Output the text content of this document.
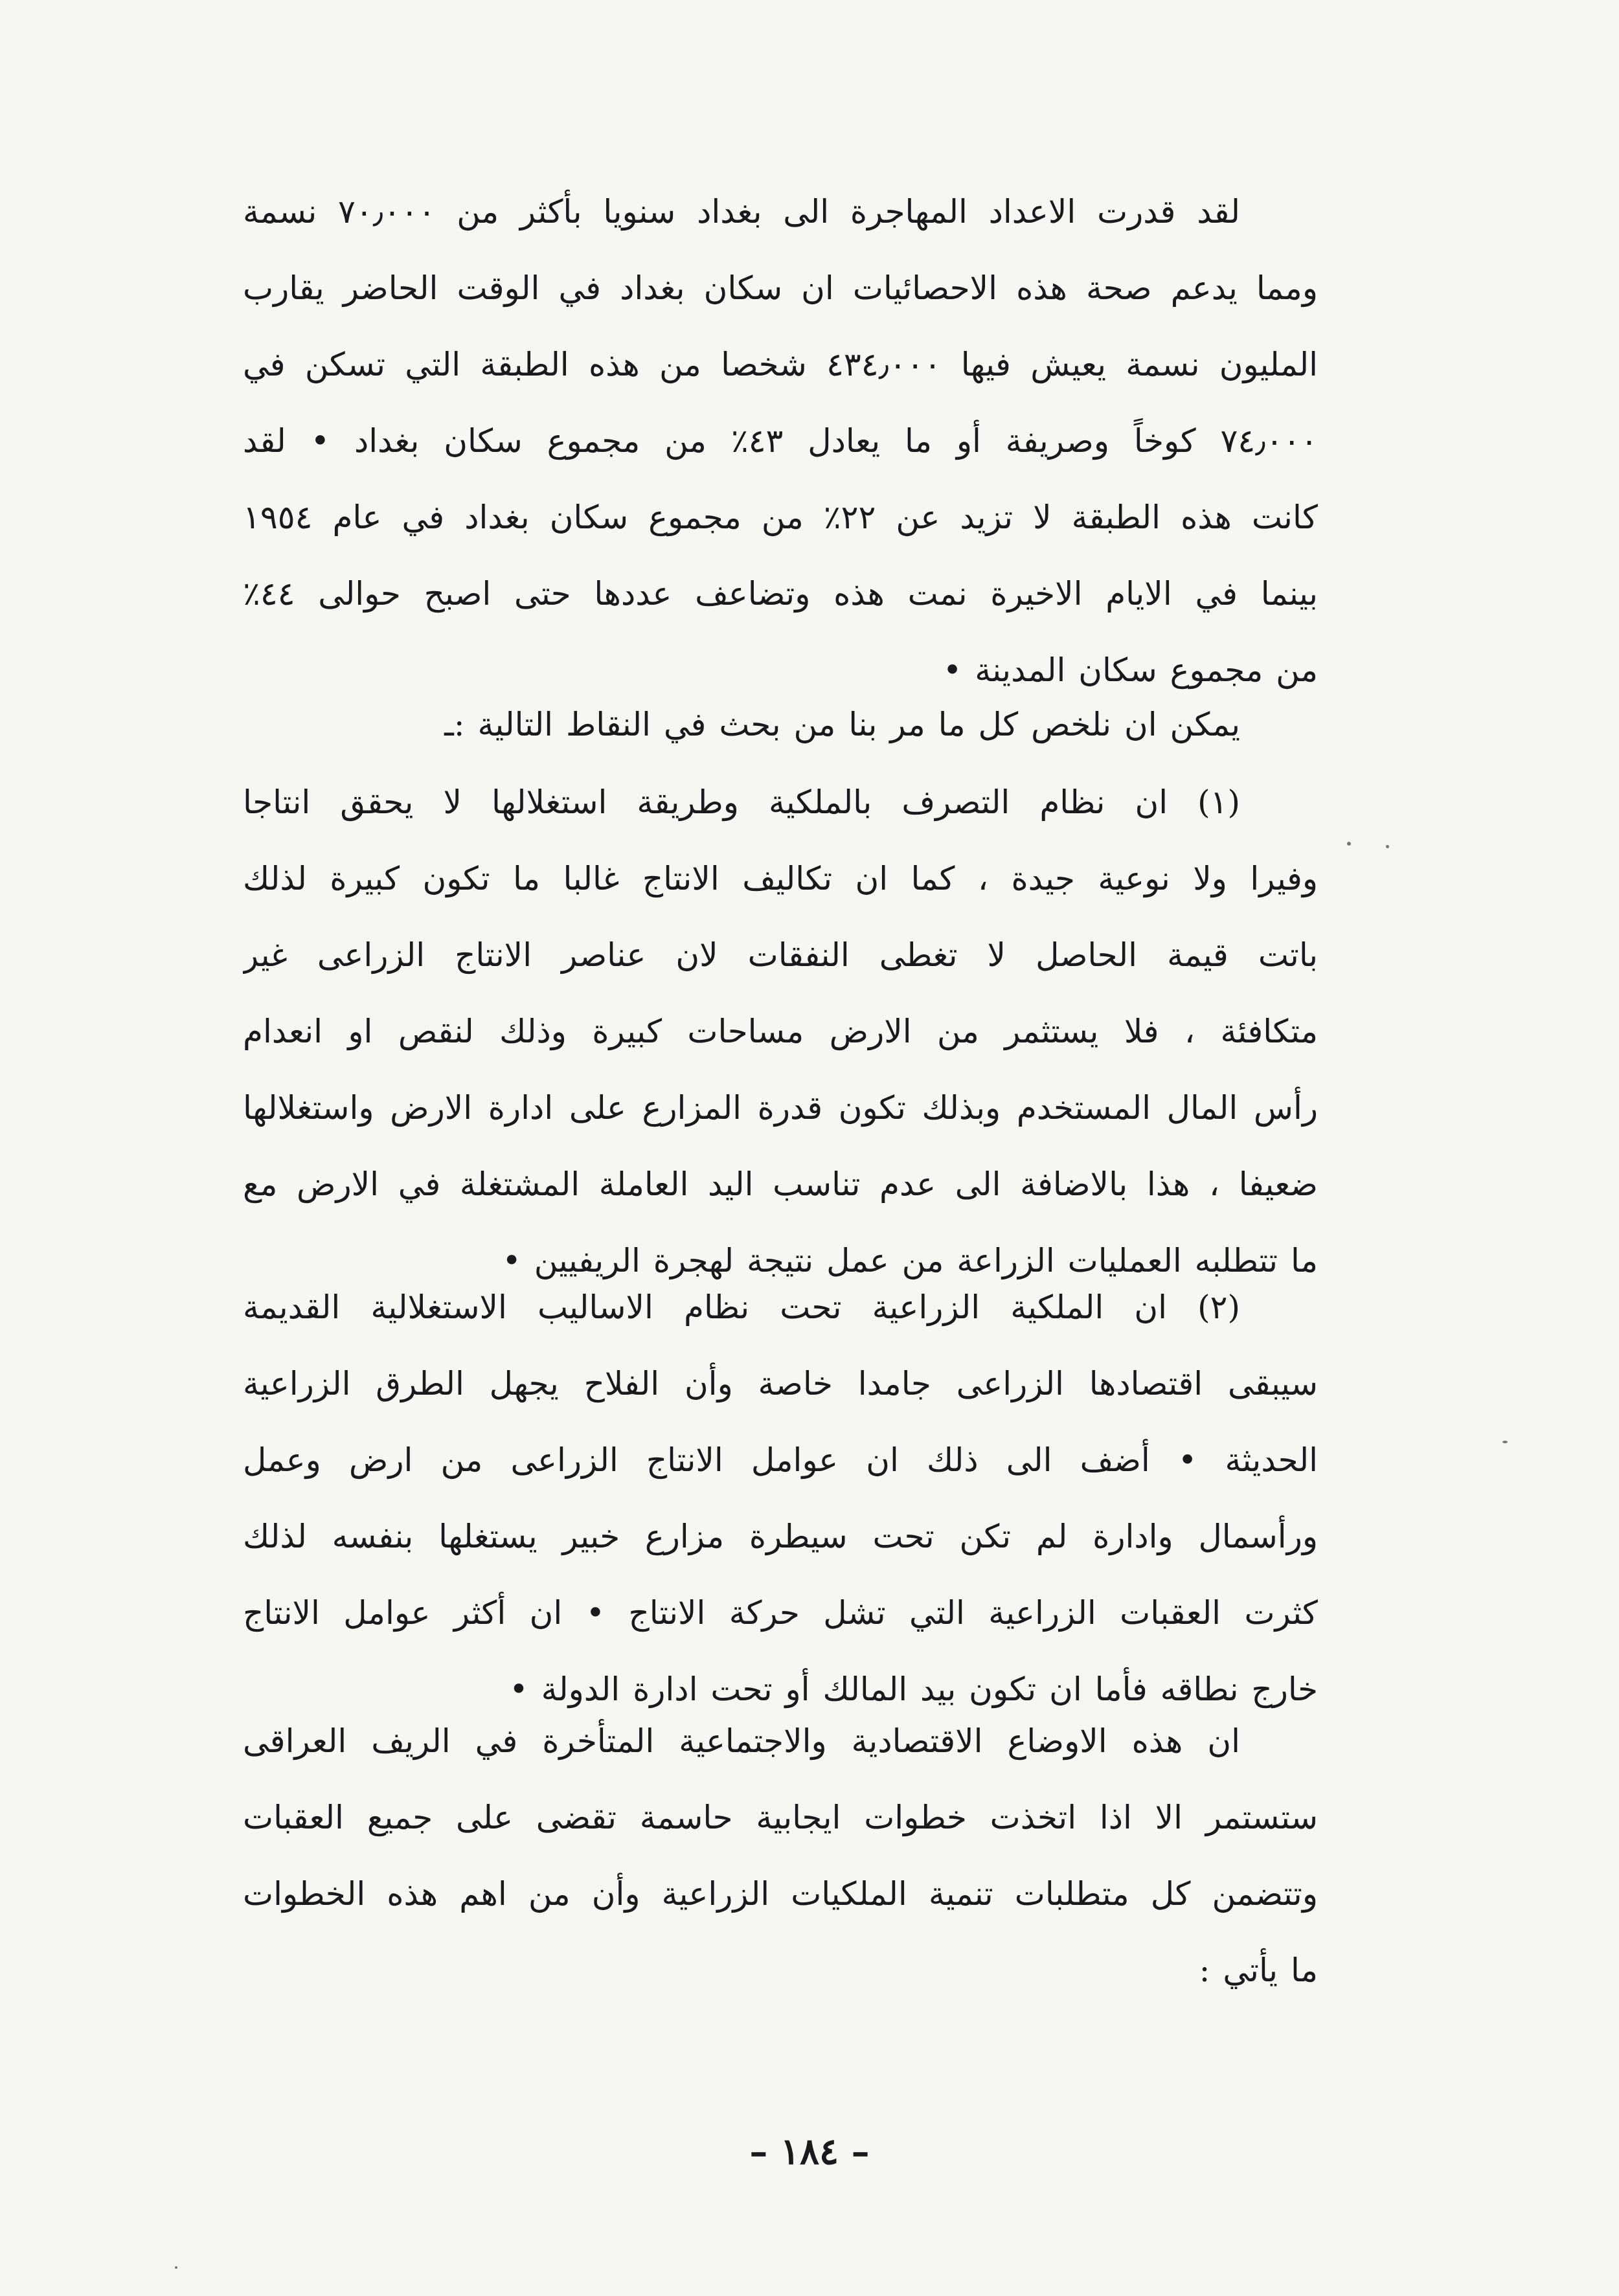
لقد قدرت الاعداد المهاجرة الى بغداد سنويا بأكثر من ٧٠٫٠٠٠ نسمة
ومما يدعم صحة هذه الاحصائيات ان سكان بغداد في الوقت الحاضر يقارب
المليون نسمة يعيش فيها ٤٣٤٫٠٠٠ شخصا من هذه الطبقة التي تسكن في
٧٤٫٠٠٠ كوخاً وصريفة أو ما يعادل ٤٣٪ من مجموع سكان بغداد • لقد
كانت هذه الطبقة لا تزيد عن ٢٢٪ من مجموع سكان بغداد في عام ١٩٥٤
بينما في الايام الاخيرة نمت هذه وتضاعف عددها حتى اصبح حوالى ٤٤٪
من مجموع سكان المدينة •
يمكن ان نلخص كل ما مر بنا من بحث في النقاط التالية :ـ
(١) ان نظام التصرف بالملكية وطريقة استغلالها لا يحقق انتاجا
وفيرا ولا نوعية جيدة ، كما ان تكاليف الانتاج غالبا ما تكون كبيرة لذلك
باتت قيمة الحاصل لا تغطى النفقات لان عناصر الانتاج الزراعى غير
متكافئة ، فلا يستثمر من الارض مساحات كبيرة وذلك لنقص او انعدام
رأس المال المستخدم وبذلك تكون قدرة المزارع على ادارة الارض واستغلالها
ضعيفا ، هذا بالاضافة الى عدم تناسب اليد العاملة المشتغلة في الارض مع
ما تتطلبه العمليات الزراعة من عمل نتيجة لهجرة الريفيين •
(٢) ان الملكية الزراعية تحت نظام الاساليب الاستغلالية القديمة
سيبقى اقتصادها الزراعى جامدا خاصة وأن الفلاح يجهل الطرق الزراعية
الحديثة • أضف الى ذلك ان عوامل الانتاج الزراعى من ارض وعمل
ورأسمال وادارة لم تكن تحت سيطرة مزارع خبير يستغلها بنفسه لذلك
كثرت العقبات الزراعية التي تشل حركة الانتاج • ان أكثر عوامل الانتاج
خارج نطاقه فأما ان تكون بيد المالك أو تحت ادارة الدولة •
ان هذه الاوضاع الاقتصادية والاجتماعية المتأخرة في الريف العراقى
ستستمر الا اذا اتخذت خطوات ايجابية حاسمة تقضى على جميع العقبات
وتتضمن كل متطلبات تنمية الملكيات الزراعية وأن من اهم هذه الخطوات
ما يأتي :
– ١٨٤ –
